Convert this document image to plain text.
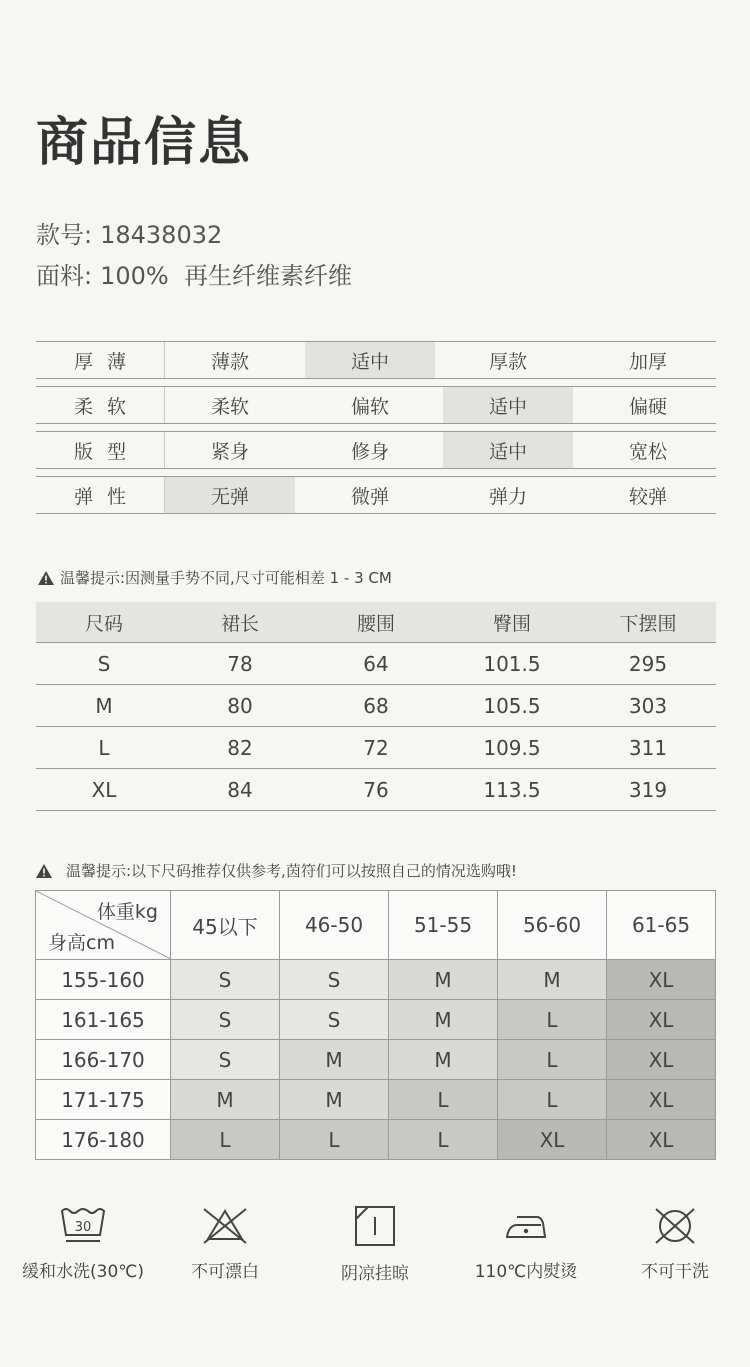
商品信息
款号: 18438032
面料: 100%  再生纤维素纤维
厚薄	薄款	适中	厚款	加厚
柔软	柔软	偏软	适中	偏硬
版型	紧身	修身	适中	宽松
弹性	无弹	微弹	弹力	较弹
温馨提示:因测量手势不同,尺寸可能相差 1 - 3 CM
尺码	裙长	腰围	臀围	下摆围
S	78	64	101.5	295
M	80	68	105.5	303
L	82	72	109.5	311
XL	84	76	113.5	319
温馨提示:以下尺码推荐仅供参考,茵符们可以按照自己的情况选购哦!
体重kg
身高cm	45以下	46-50	51-55	56-60	61-65
155-160	S	S	M	M	XL
161-165	S	S	M	L	XL
166-170	S	M	M	L	XL
171-175	M	M	L	L	XL
176-180	L	L	L	XL	XL
30
缓和水洗(30℃)	不可漂白	阴凉挂晾	110℃内熨烫	不可干洗
